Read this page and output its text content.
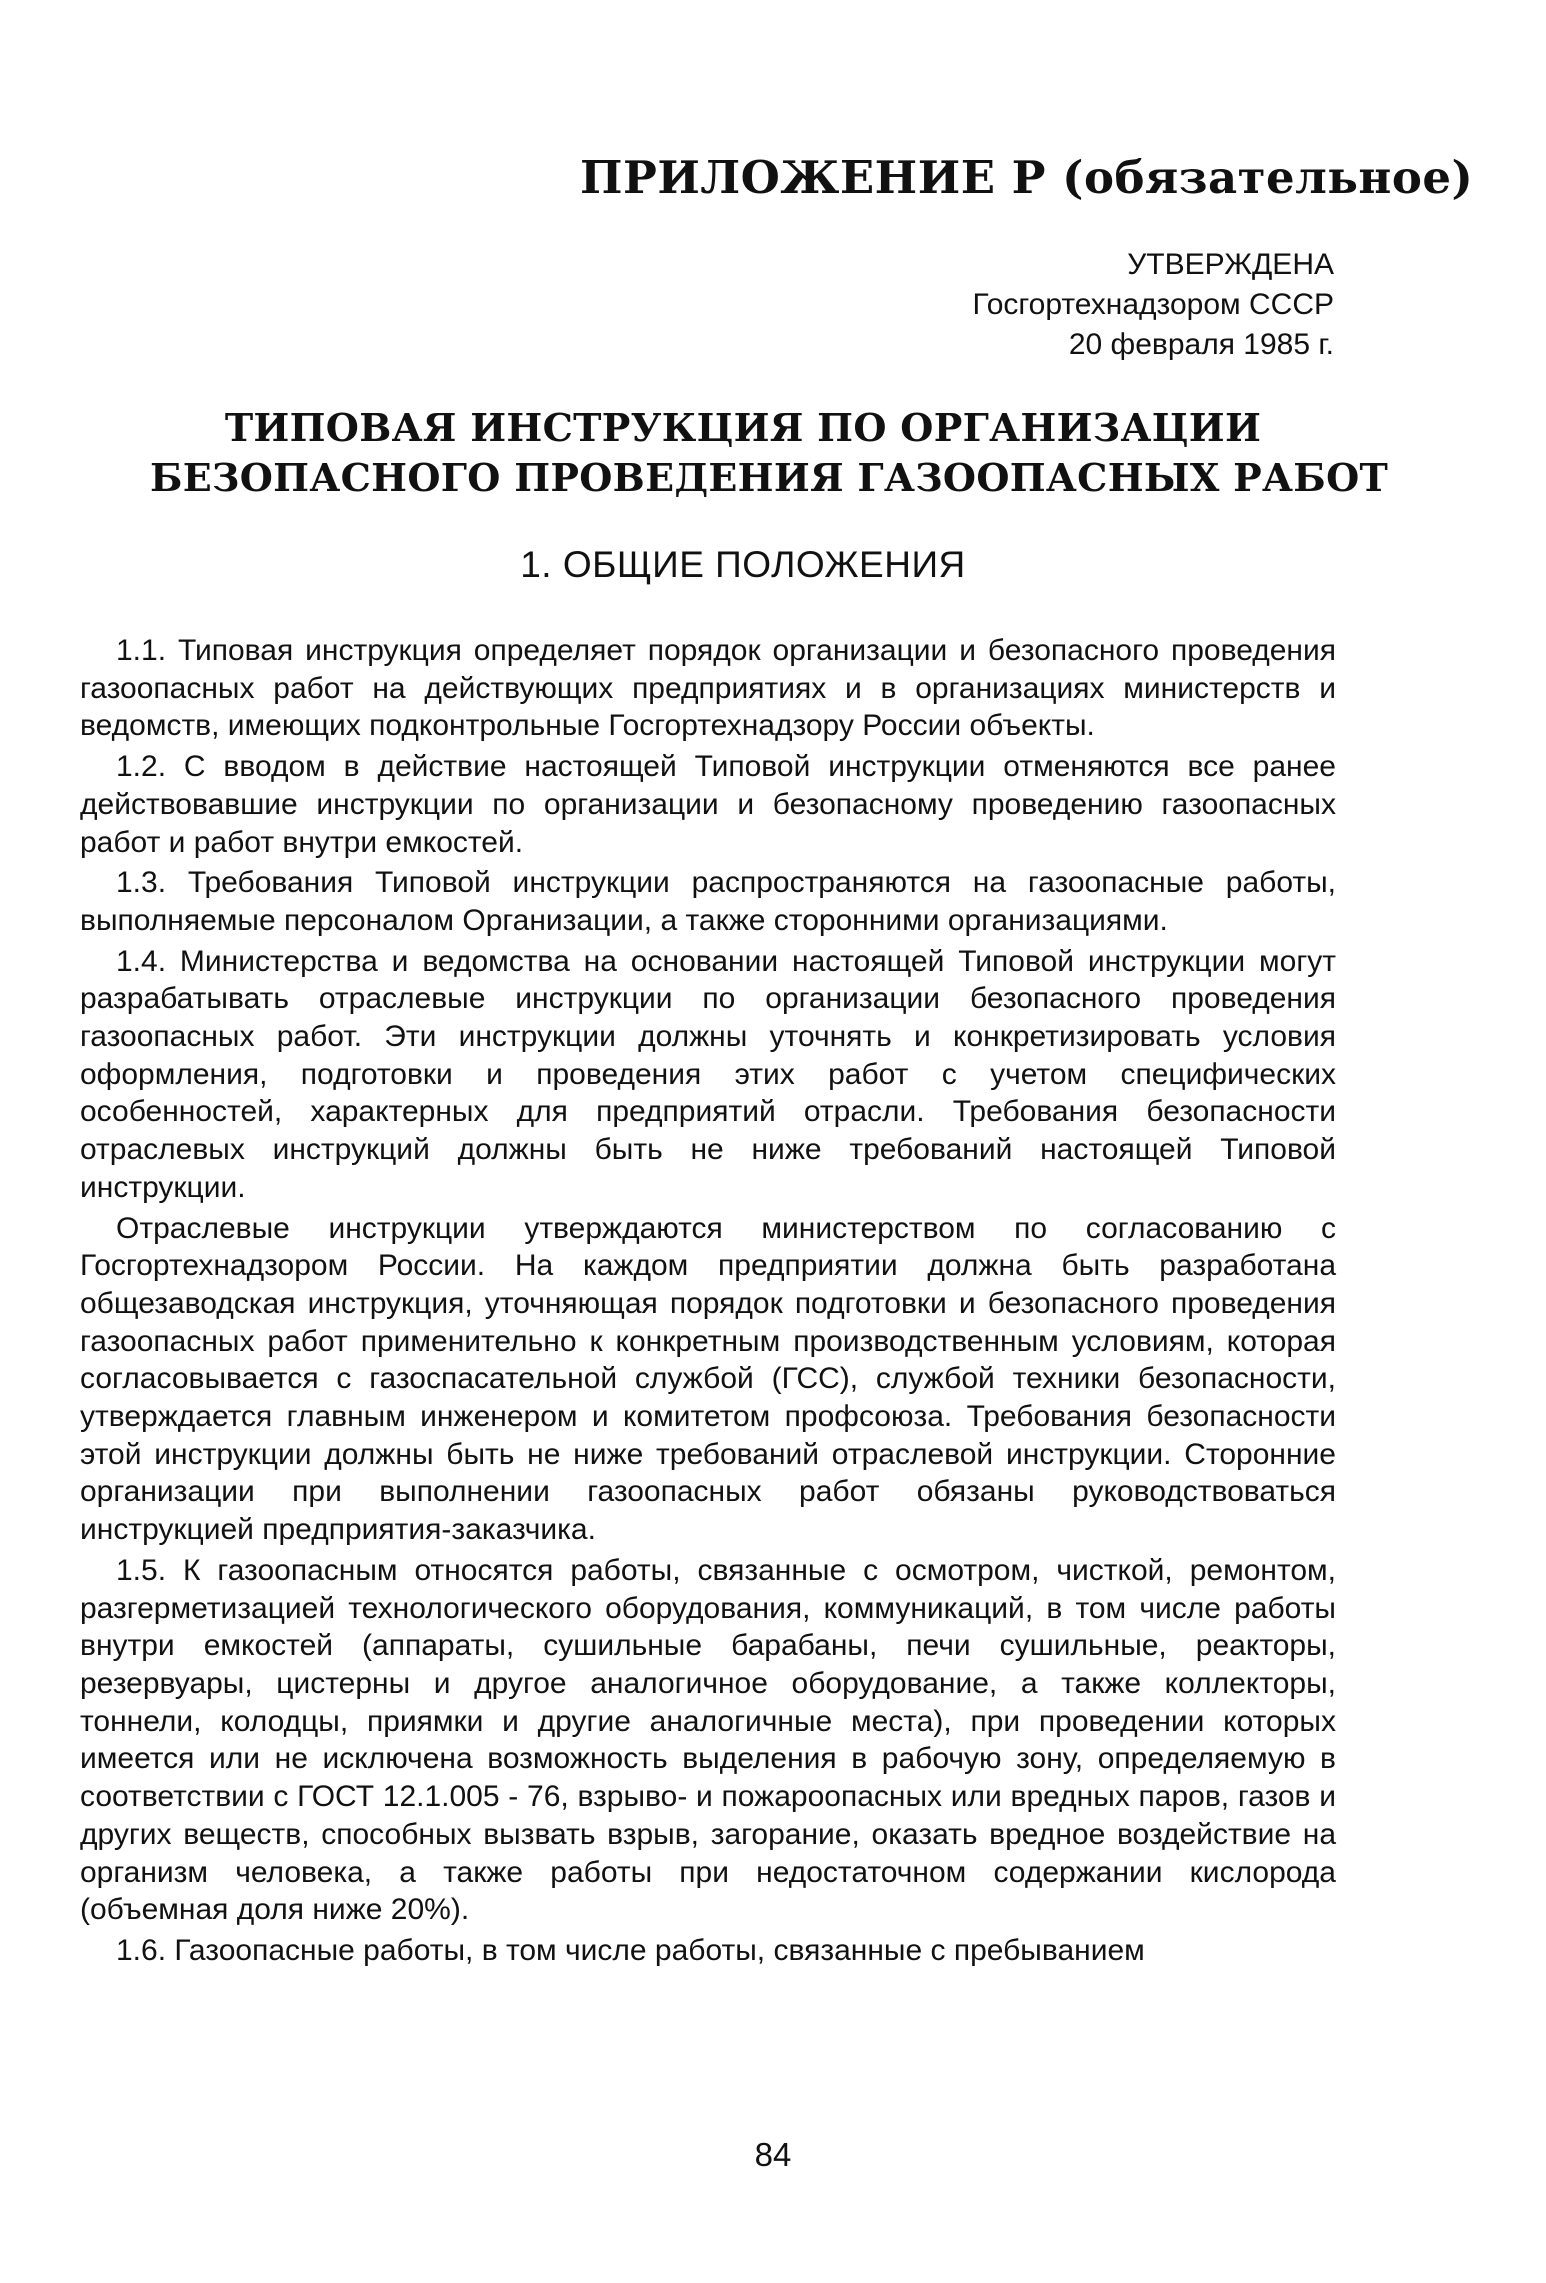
ПРИЛОЖЕНИЕ Р (обязательное)
УТВЕРЖДЕНА
Госгортехнадзором СССР
20 февраля 1985 г.
ТИПОВАЯ ИНСТРУКЦИЯ ПО ОРГАНИЗАЦИИ
БЕЗОПАСНОГО ПРОВЕДЕНИЯ ГАЗООПАСНЫХ РАБОТ
1. ОБЩИЕ ПОЛОЖЕНИЯ

1.1. Типовая инструкция определяет порядок организации и безопасного проведения газоопасных работ на действующих предприятиях и в организациях министерств и ведомств, имеющих подконтрольные Госгортехнадзору России объекты.

1.2. С вводом в действие настоящей Типовой инструкции отменяются все ранее действовавшие инструкции по организации и безопасному проведению газоопасных работ и работ внутри емкостей.

1.3. Требования Типовой инструкции распространяются на газоопасные работы, выполняемые персоналом Организации, а также сторонними организациями.

1.4. Министерства и ведомства на основании настоящей Типовой инструкции могут разрабатывать отраслевые инструкции по организации безопасного проведения газоопасных работ. Эти инструкции должны уточнять и конкретизировать условия оформления, подготовки и проведения этих работ с учетом специфических особенностей, характерных для предприятий отрасли. Требования безопасности отраслевых инструкций должны быть не ниже требований настоящей Типовой инструкции.

Отраслевые инструкции утверждаются министерством по согласованию с Госгортехнадзором России. На каждом предприятии должна быть разработана общезаводская инструкция, уточняющая порядок подготовки и безопасного проведения газоопасных работ применительно к конкретным производственным условиям, которая согласовывается с газоспасательной службой (ГСС), службой техники безопасности, утверждается главным инженером и комитетом профсоюза. Требования безопасности этой инструкции должны быть не ниже требований отраслевой инструкции. Сторонние организации при выполнении газоопасных работ обязаны руководствоваться инструкцией предприятия-заказчика.

1.5. К газоопасным относятся работы, связанные с осмотром, чисткой, ремонтом, разгерметизацией технологического оборудования, коммуникаций, в том числе работы внутри емкостей (аппараты, сушильные барабаны, печи сушильные, реакторы, резервуары, цистерны и другое аналогичное оборудование, а также коллекторы, тоннели, колодцы, приямки и другие аналогичные места), при проведении которых имеется или не исключена возможность выделения в рабочую зону, определяемую в соответствии с ГОСТ 12.1.005 - 76, взрыво- и пожароопасных или вредных паров, газов и других веществ, способных вызвать взрыв, загорание, оказать вредное воздействие на организм человека, а также работы при недостаточном содержании кислорода (объемная доля ниже 20%).

1.6. Газоопасные работы, в том числе работы, связанные с пребыванием

84
